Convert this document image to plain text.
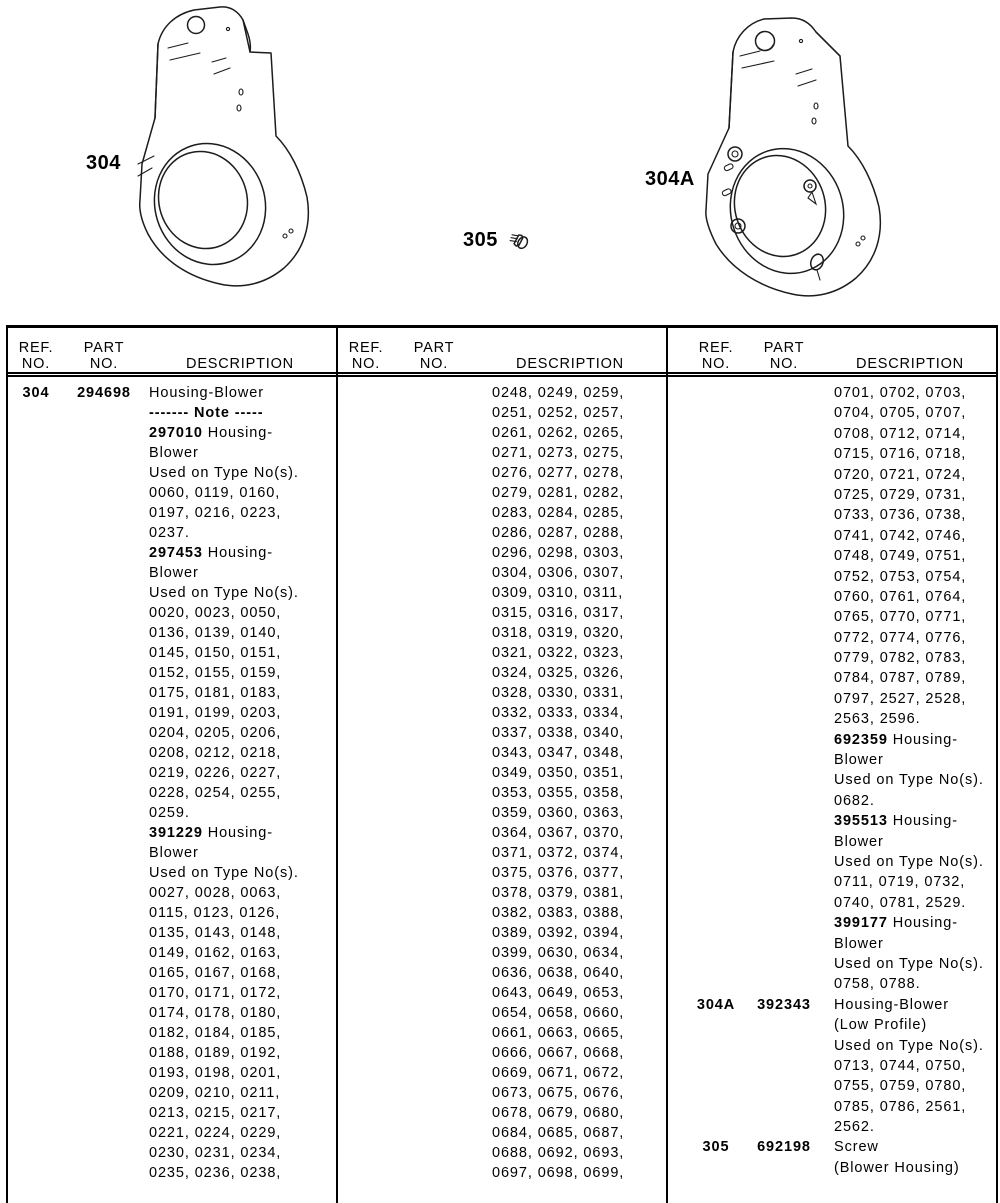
304
305
304A
REF.
NO.
PART
NO.	DESCRIPTION
304	294698	Housing-Blower
------- Note -----
297010 Housing-
Blower
Used on Type No(s).
0060, 0119, 0160,
0197, 0216, 0223,
0237.
297453 Housing-
Blower
Used on Type No(s).
0020, 0023, 0050,
0136, 0139, 0140,
0145, 0150, 0151,
0152, 0155, 0159,
0175, 0181, 0183,
0191, 0199, 0203,
0204, 0205, 0206,
0208, 0212, 0218,
0219, 0226, 0227,
0228, 0254, 0255,
0259.
391229 Housing-
Blower
Used on Type No(s).
0027, 0028, 0063,
0115, 0123, 0126,
0135, 0143, 0148,
0149, 0162, 0163,
0165, 0167, 0168,
0170, 0171, 0172,
0174, 0178, 0180,
0182, 0184, 0185,
0188, 0189, 0192,
0193, 0198, 0201,
0209, 0210, 0211,
0213, 0215, 0217,
0221, 0224, 0229,
0230, 0231, 0234,
0235, 0236, 0238,
REF.
NO.
PART
NO.	DESCRIPTION
0248, 0249, 0259,
0251, 0252, 0257,
0261, 0262, 0265,
0271, 0273, 0275,
0276, 0277, 0278,
0279, 0281, 0282,
0283, 0284, 0285,
0286, 0287, 0288,
0296, 0298, 0303,
0304, 0306, 0307,
0309, 0310, 0311,
0315, 0316, 0317,
0318, 0319, 0320,
0321, 0322, 0323,
0324, 0325, 0326,
0328, 0330, 0331,
0332, 0333, 0334,
0337, 0338, 0340,
0343, 0347, 0348,
0349, 0350, 0351,
0353, 0355, 0358,
0359, 0360, 0363,
0364, 0367, 0370,
0371, 0372, 0374,
0375, 0376, 0377,
0378, 0379, 0381,
0382, 0383, 0388,
0389, 0392, 0394,
0399, 0630, 0634,
0636, 0638, 0640,
0643, 0649, 0653,
0654, 0658, 0660,
0661, 0663, 0665,
0666, 0667, 0668,
0669, 0671, 0672,
0673, 0675, 0676,
0678, 0679, 0680,
0684, 0685, 0687,
0688, 0692, 0693,
0697, 0698, 0699,
REF.
NO.
PART
NO.	DESCRIPTION
0701, 0702, 0703,
0704, 0705, 0707,
0708, 0712, 0714,
0715, 0716, 0718,
0720, 0721, 0724,
0725, 0729, 0731,
0733, 0736, 0738,
0741, 0742, 0746,
0748, 0749, 0751,
0752, 0753, 0754,
0760, 0761, 0764,
0765, 0770, 0771,
0772, 0774, 0776,
0779, 0782, 0783,
0784, 0787, 0789,
0797, 2527, 2528,
2563, 2596.
692359 Housing-
Blower
Used on Type No(s).
0682.
395513 Housing-
Blower
Used on Type No(s).
0711, 0719, 0732,
0740, 0781, 2529.
399177 Housing-
Blower
Used on Type No(s).
0758, 0788.
304A	392343	Housing-Blower
(Low Profile)
Used on Type No(s).
0713, 0744, 0750,
0755, 0759, 0780,
0785, 0786, 2561,
2562.
305	692198	Screw
(Blower Housing)
